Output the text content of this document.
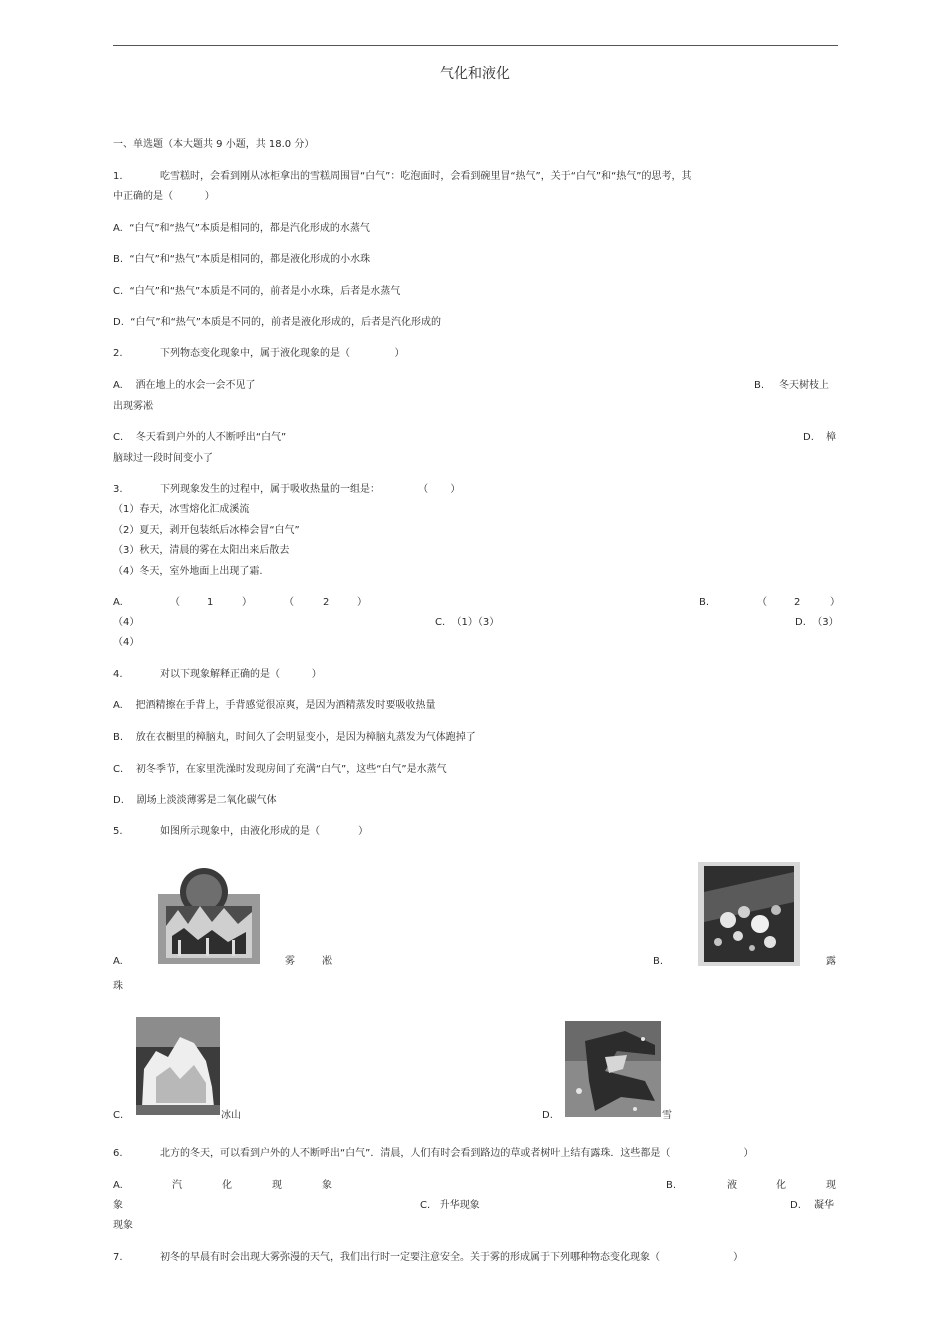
气化和液化
一、单选题（本大题共 9 小题，共 18.0 分）
1.	吃雪糕时，会看到刚从冰柜拿出的雪糕周围冒“白气”：吃泡面时，会看到碗里冒“热气”，关于“白气”和“热气”的思考，其
中正确的是（          ）
A.  “白气”和“热气”本质是相同的，都是汽化形成的水蒸气
B.  “白气”和“热气”本质是相同的，都是液化形成的小水珠
C.  “白气”和“热气”本质是不同的，前者是小水珠，后者是水蒸气
D.  “白气”和“热气”本质是不同的，前者是液化形成的，后者是汽化形成的
2.	下列物态变化现象中，属于液化现象的是（              ）
A.    洒在地上的水会一会不见了	B. 冬天树枝上
出现雾凇
C.    冬天看到户外的人不断呼出“白气”	D. 樟
脑球过一段时间变小了
3.	下列现象发生的过程中，属于吸收热量的一组是：            （       ）
（1）春天，冰雪熔化汇成溪流
（2）夏天，剥开包装纸后冰棒会冒“白气”
（3）秋天，清晨的雾在太阳出来后散去
（4）冬天，室外地面上出现了霜.
A.	（	1	）	（	2	）	B.	（	2	）
（4）	C.  （1）（3）	D.  （3）
（4）
4.	对以下现象解释正确的是（          ）
A.    把酒精擦在手背上，手背感觉很凉爽，是因为酒精蒸发时要吸收热量
B.    放在衣橱里的樟脑丸，时间久了会明显变小，是因为樟脑丸蒸发为气体跑掉了
C.    初冬季节，在家里洗澡时发现房间了充满“白气”，这些“白气”是水蒸气
D.    剧场上淡淡薄雾是二氧化碳气体
5.	如图所示现象中，由液化形成的是（            ）
A.	雾	凇	B.	露
珠
C.	冰山	D.	雪
6.	北方的冬天，可以看到户外的人不断呼出“白气”．清晨，人们有时会看到路边的草或者树叶上结有露珠．这些都是（                       ）
A.	汽	化	现	象	B.	液	化	现
象	C.   升华现象	D. 凝华
现象
7.	初冬的早晨有时会出现大雾弥漫的天气，我们出行时一定要注意安全。关于雾的形成属于下列哪种物态变化现象（                       ）
